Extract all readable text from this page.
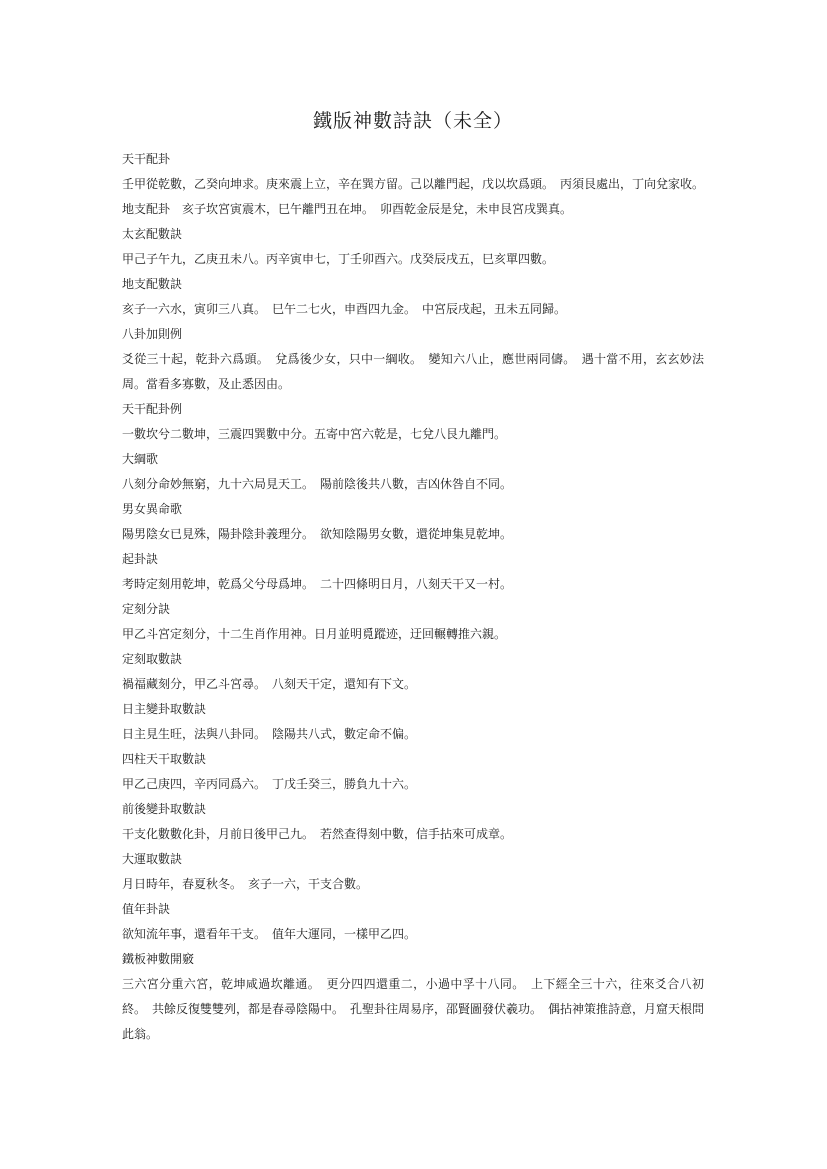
鐵版神數詩訣（未全）

天干配卦

壬甲從乾數，乙癸向坤求。庚來震上立，辛在巽方留。己以離門起，戊以坎爲頭。　丙須艮處出，丁向兌家收。

地支配卦　亥子坎宮寅震木，巳午離門丑在坤。　卯酉乾金辰是兌，未申艮宮戌巽真。

太玄配數訣

甲己子午九，乙庚丑未八。丙辛寅申七，丁壬卯酉六。戊癸辰戌五，巳亥單四數。

地支配數訣

亥子一六水，寅卯三八真。　巳午二七火，申酉四九金。　中宮辰戌起，丑未五同歸。

八卦加則例

爻從三十起，乾卦六爲頭。　兌爲後少女，只中一綱收。　變知六八止，應世兩同儔。　遇十當不用，玄玄妙法周。當看多寡數，及止悉因由。

天干配卦例

一數坎兮二數坤，三震四巽數中分。五寄中宮六乾是，七兌八艮九離門。

大綱歌

八刻分命妙無窮，九十六局見天工。　陽前陰後共八數，吉凶休咎自不同。

男女異命歌

陽男陰女已見殊，陽卦陰卦義理分。　欲知陰陽男女數，還從坤集見乾坤。

起卦訣

考時定刻用乾坤，乾爲父兮母爲坤。　二十四條明日月，八刻天干又一村。

定刻分訣

甲乙斗宮定刻分，十二生肖作用神。日月並明覓蹤迹，迂回輾轉推六親。

定刻取數訣

禍福藏刻分，甲乙斗宮尋。　八刻天干定，還知有下文。

日主變卦取數訣

日主見生旺，法與八卦同。　陰陽共八式，數定命不偏。

四柱天干取數訣

甲乙己庚四，辛丙同爲六。　丁戊壬癸三，勝負九十六。

前後變卦取數訣

干支化數數化卦，月前日後甲己九。　若然查得刻中數，信手拈來可成章。

大運取數訣

月日時年，春夏秋冬。　亥子一六，干支合數。

值年卦訣

欲知流年事，還看年干支。　值年大運同，一樣甲乙四。

鐵板神數開竅

三六宮分重六宮，乾坤咸過坎離通。　更分四四還重二，小過中孚十八同。　上下經全三十六，往來爻合八初終。　共餘反復雙雙列，都是春尋陰陽中。　孔聖卦往周易序，邵賢圖發伏羲功。　偶拈神策推詩意，月窟天根問此翁。
